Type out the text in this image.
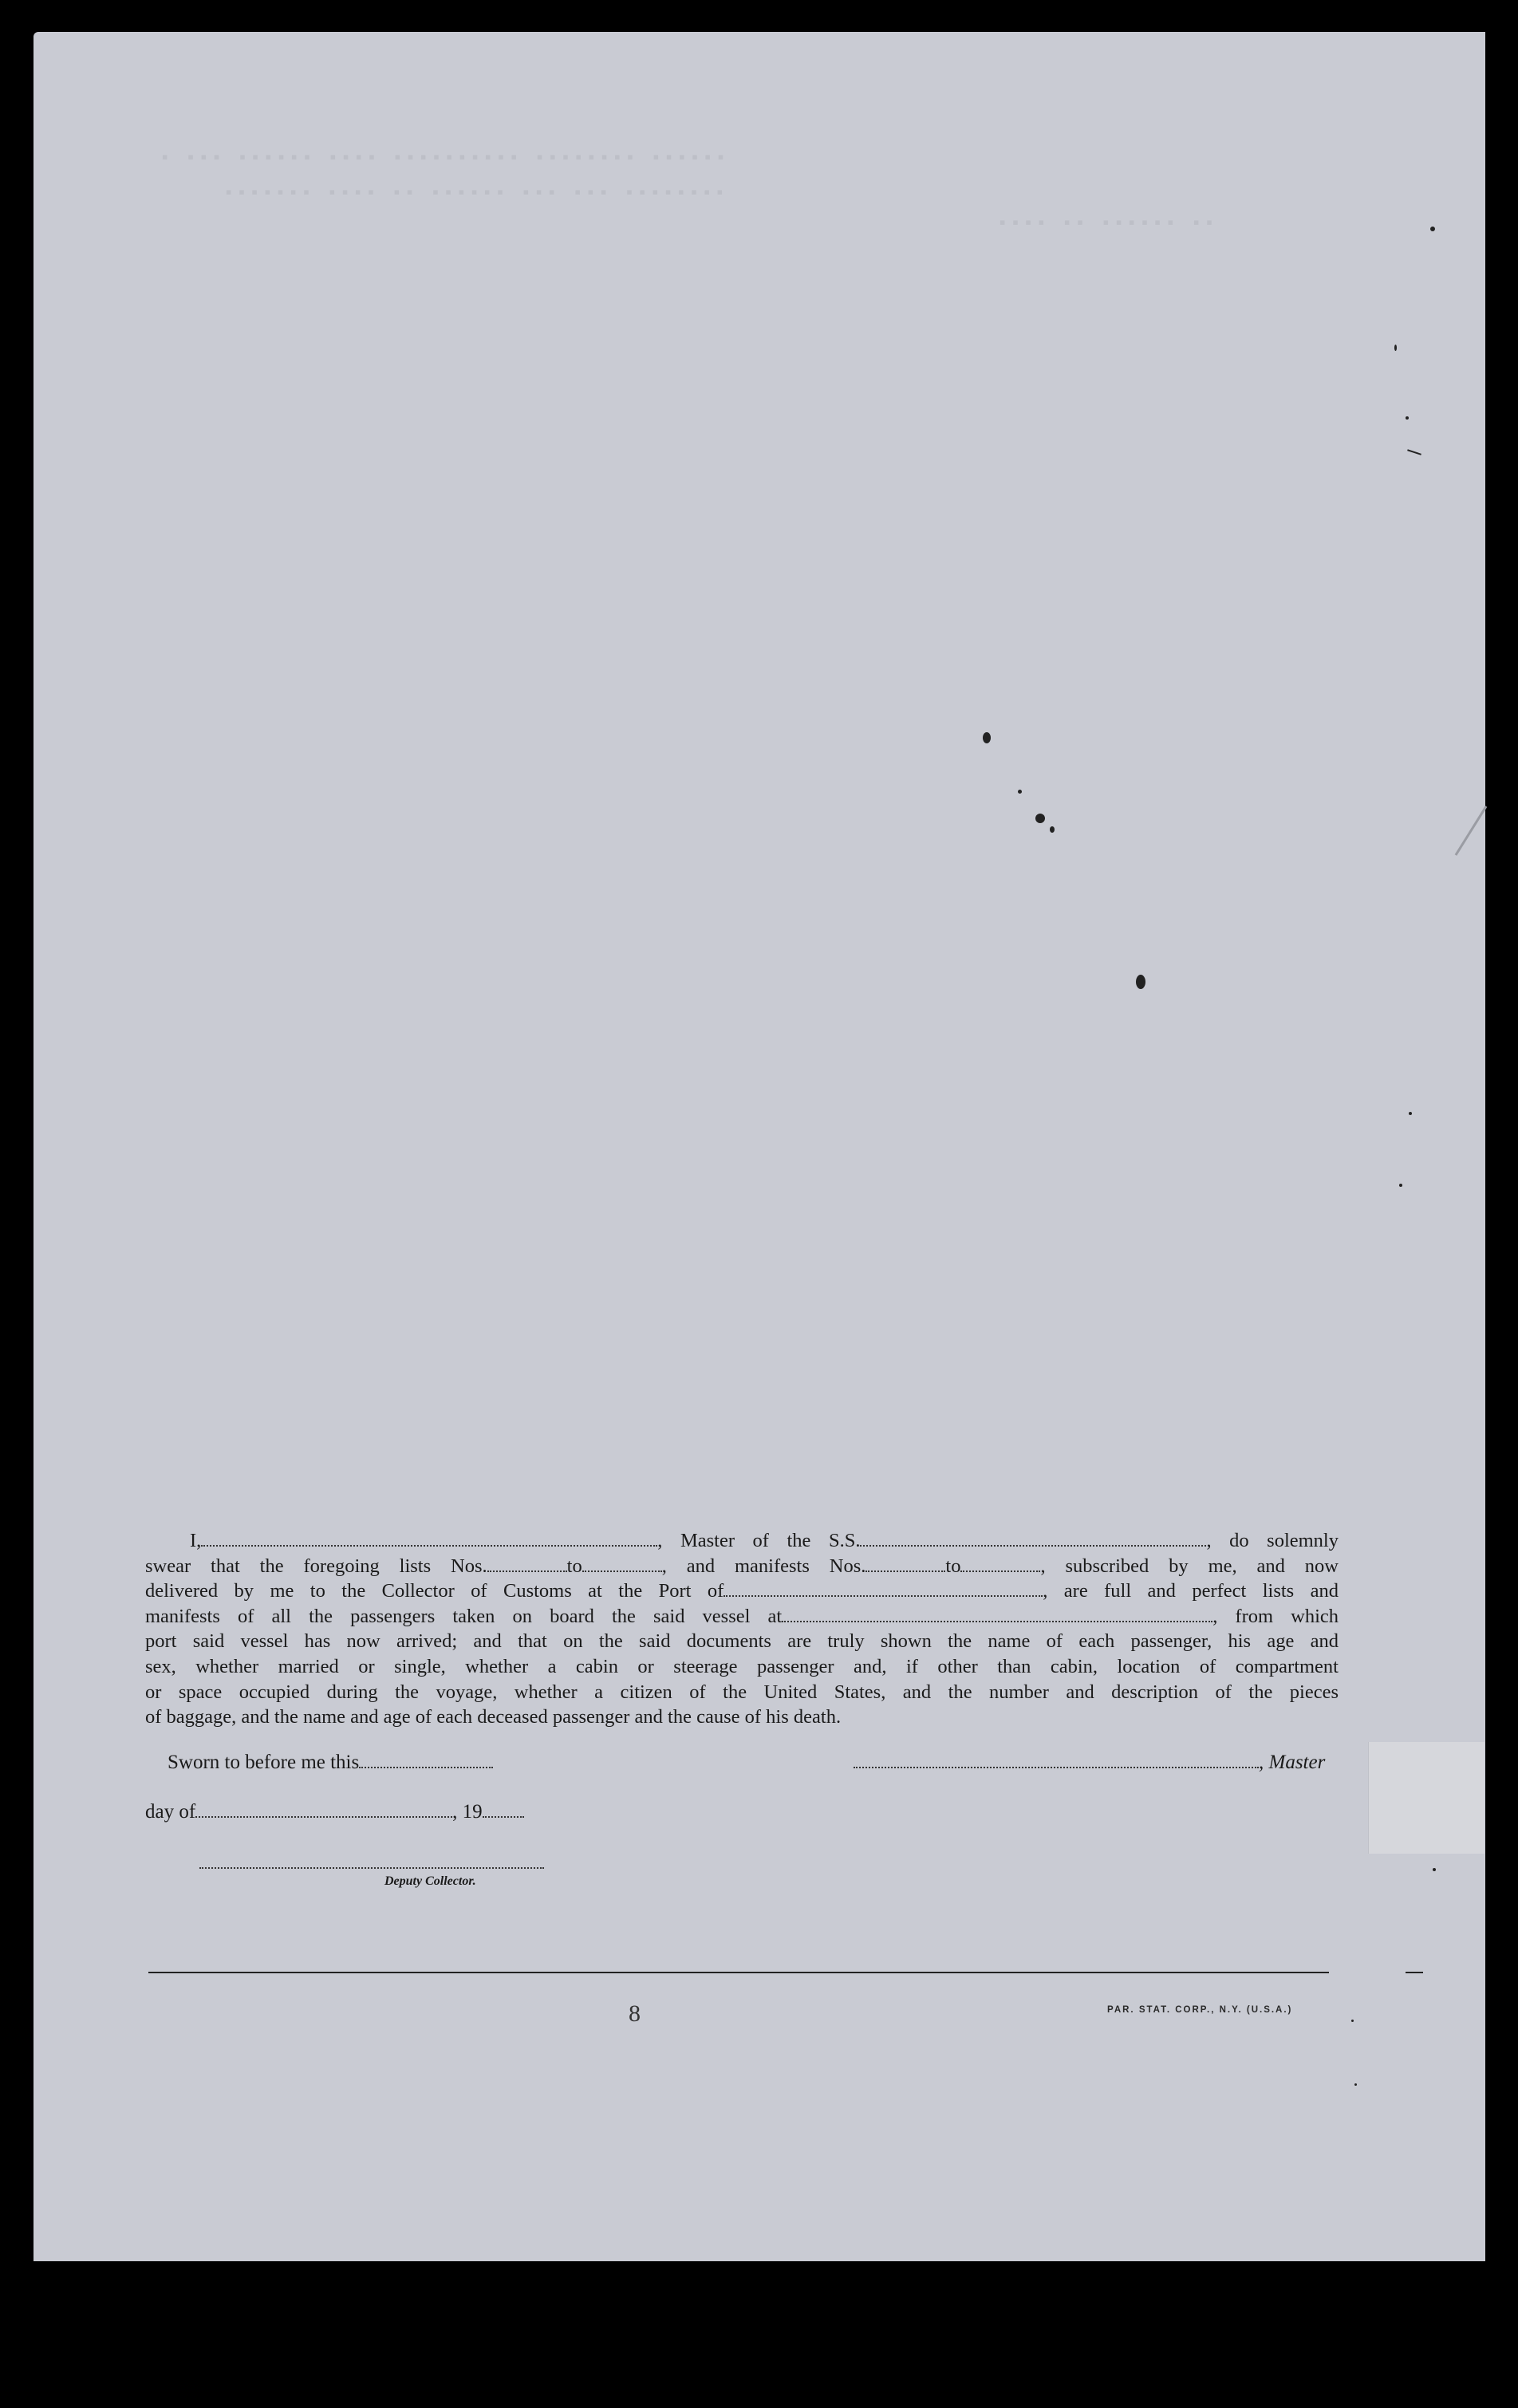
▪ ▪▪▪ ▪▪▪▪▪▪ ▪▪▪▪ ▪▪▪▪▪▪▪▪▪▪ ▪▪▪▪▪▪▪▪ ▪▪▪▪▪▪
▪▪▪▪▪▪▪ ▪▪▪▪ ▪▪ ▪▪▪▪▪▪ ▪▪▪ ▪▪▪ ▪▪▪▪▪▪▪▪
▪▪▪▪ ▪▪ ▪▪▪▪▪▪ ▪▪

I,	, Master of the S.S.	, do solemnly
swear that the foregoing lists Nos.	to	, and manifests Nos.	to	, subscribed by me, and now
delivered by me to the Collector of Customs at the Port of	, are full and perfect lists and
manifests of all the passengers taken on board the said vessel at	, from which
port said vessel has now arrived; and that on the said documents are truly shown the name of each passenger, his age and
sex, whether married or single, whether a cabin or steerage passenger and, if other than cabin, location of compartment
or space occupied during the voyage, whether a citizen of the United States, and the number and description of the pieces
of baggage, and the name and age of each deceased passenger and the cause of his death.

Sworn to before me this	, Master
day of	, 19
Deputy Collector.
8	PAR. STAT. CORP., N.Y. (U.S.A.)
